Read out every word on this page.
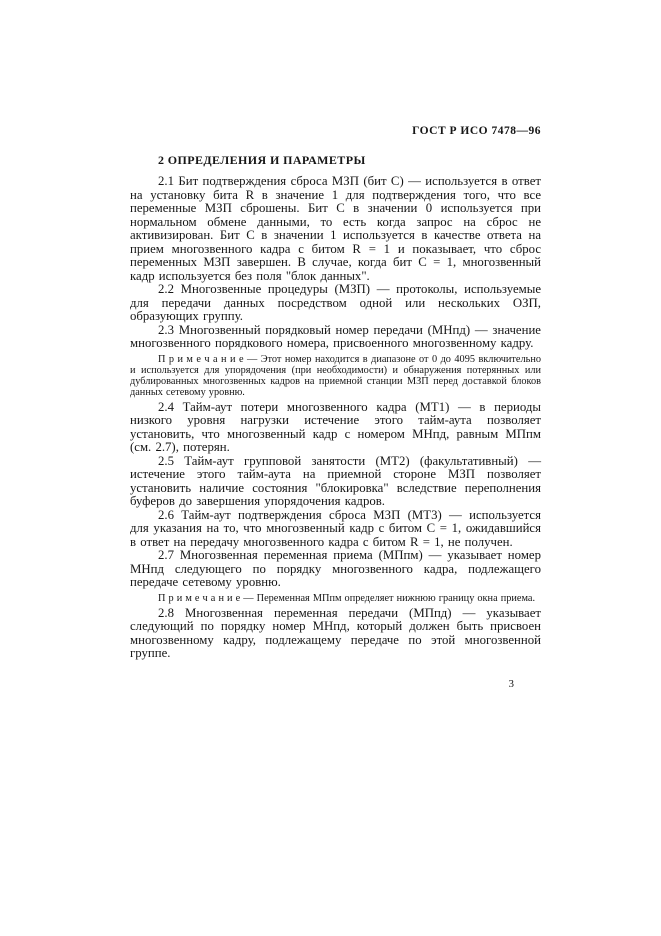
ГОСТ Р ИСО 7478—96
2 ОПРЕДЕЛЕНИЯ И ПАРАМЕТРЫ
2.1 Бит подтверждения сброса МЗП (бит С) — используется в ответ на установку бита R в значение 1 для подтверждения того, что все переменные МЗП сброшены. Бит С в значении 0 используется при нормальном обмене данными, то есть когда запрос на сброс не активизирован. Бит С в значении 1 используется в качестве ответа на прием многозвенного кадра с битом R = 1 и показывает, что сброс переменных МЗП завершен. В случае, когда бит С = 1, многозвенный кадр используется без поля "блок данных".
2.2 Многозвенные процедуры (МЗП) — протоколы, используемые для передачи данных посредством одной или нескольких ОЗП, образующих группу.
2.3 Многозвенный порядковый номер передачи (МНпд) — значение многозвенного порядкового номера, присвоенного многозвенному кадру.
П р и м е ч а н и е — Этот номер находится в диапазоне от 0 до 4095 включительно и используется для упорядочения (при необходимости) и обнаружения потерянных или дублированных многозвенных кадров на приемной станции МЗП перед доставкой блоков данных сетевому уровню.
2.4 Тайм-аут потери многозвенного кадра (МТ1) — в периоды низкого уровня нагрузки истечение этого тайм-аута позволяет установить, что многозвенный кадр с номером МНпд, равным МПпм (см. 2.7), потерян.
2.5 Тайм-аут групповой занятости (МТ2) (факультативный) — истечение этого тайм-аута на приемной стороне МЗП позволяет установить наличие состояния "блокировка" вследствие переполнения буферов до завершения упорядочения кадров.
2.6 Тайм-аут подтверждения сброса МЗП (МТ3) — используется для указания на то, что многозвенный кадр с битом С = 1, ожидавшийся в ответ на передачу многозвенного кадра с битом R = 1, не получен.
2.7 Многозвенная переменная приема (МПпм) — указывает номер МНпд следующего по порядку многозвенного кадра, подлежащего передаче сетевому уровню.
П р и м е ч а н и е — Переменная МПпм определяет нижнюю границу окна приема.
2.8 Многозвенная переменная передачи (МПпд) — указывает следующий по порядку номер МНпд, который должен быть присвоен многозвенному кадру, подлежащему передаче по этой многозвенной группе.
3
